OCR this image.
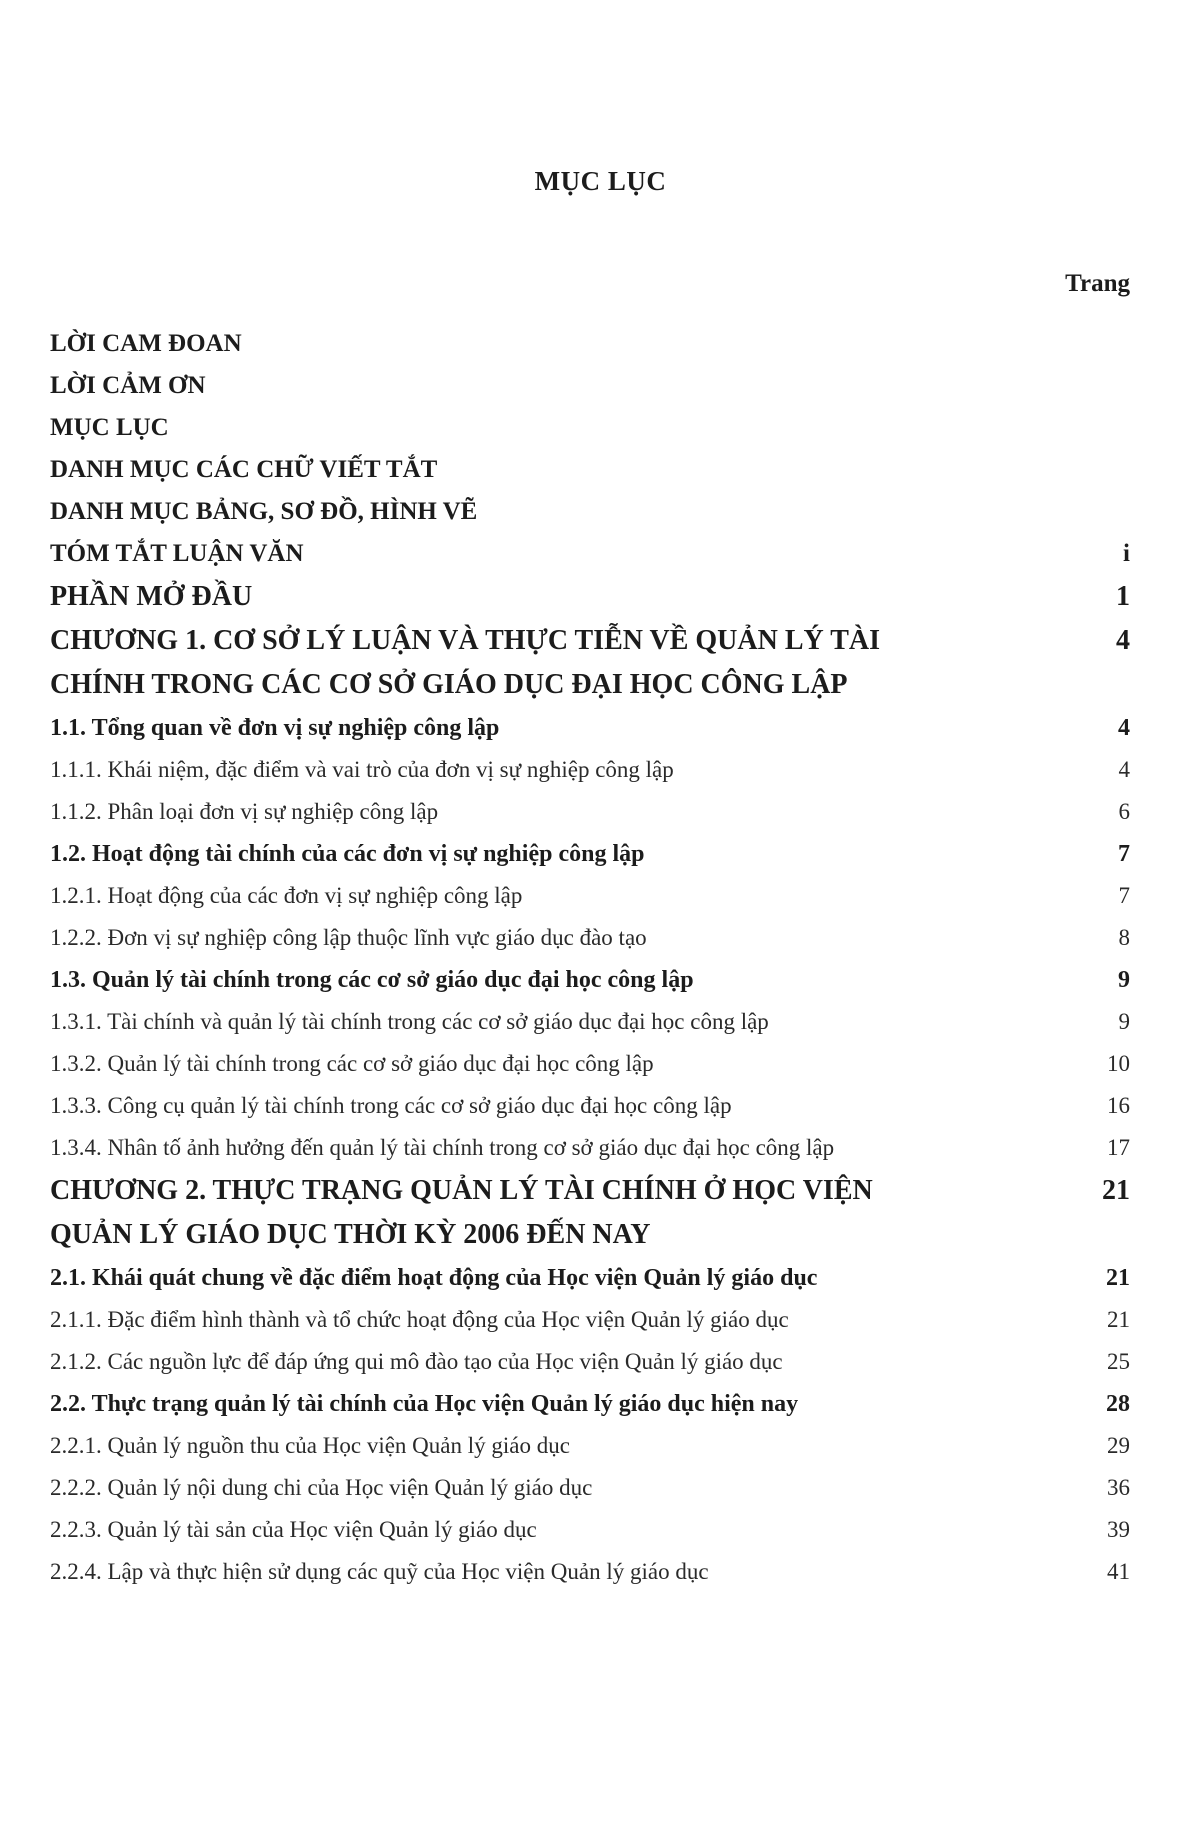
MỤC LỤC
Trang
LỜI CAM ĐOAN
LỜI CẢM ƠN
MỤC LỤC
DANH MỤC CÁC CHỮ VIẾT TẮT
DANH MỤC BẢNG, SƠ ĐỒ, HÌNH VẼ
TÓM TẮT LUẬN VĂN	i
PHẦN MỞ ĐẦU	1
CHƯƠNG 1. CƠ SỞ LÝ LUẬN VÀ THỰC TIỄN VỀ QUẢN LÝ TÀI	4
CHÍNH TRONG CÁC CƠ SỞ GIÁO DỤC ĐẠI HỌC CÔNG LẬP
1.1. Tổng quan về đơn vị sự nghiệp công lập	4
1.1.1. Khái niệm, đặc điểm và vai trò của đơn vị sự nghiệp công lập	4
1.1.2. Phân loại đơn vị sự nghiệp công lập	6
1.2. Hoạt động tài chính của các đơn vị sự nghiệp công lập	7
1.2.1. Hoạt động của các đơn vị sự nghiệp công lập	7
1.2.2. Đơn vị sự nghiệp công lập thuộc lĩnh vực giáo dục đào tạo	8
1.3. Quản lý tài chính trong các cơ sở giáo dục đại học công lập	9
1.3.1. Tài chính và quản lý tài chính trong các cơ sở giáo dục đại học công lập	9
1.3.2. Quản lý tài chính trong các cơ sở giáo dục đại học công lập	10
1.3.3. Công cụ quản lý tài chính trong các cơ sở giáo dục đại học công lập	16
1.3.4. Nhân tố ảnh hưởng đến quản lý tài chính trong cơ sở giáo dục đại học công lập	17
CHƯƠNG 2. THỰC TRẠNG QUẢN LÝ TÀI CHÍNH Ở HỌC VIỆN	21
QUẢN LÝ GIÁO DỤC THỜI KỲ 2006 ĐẾN NAY
2.1. Khái quát chung về đặc điểm hoạt động của Học viện Quản lý giáo dục	21
2.1.1. Đặc điểm hình thành và tổ chức hoạt động của Học viện Quản lý giáo dục	21
2.1.2. Các nguồn lực để đáp ứng qui mô đào tạo của Học viện Quản lý giáo dục	25
2.2. Thực trạng quản lý tài chính của Học viện Quản lý giáo dục hiện nay	28
2.2.1. Quản lý nguồn thu của Học viện Quản lý giáo dục	29
2.2.2. Quản lý nội dung chi của Học viện Quản lý giáo dục	36
2.2.3. Quản lý tài sản của Học viện Quản lý giáo dục	39
2.2.4. Lập và thực hiện sử dụng các quỹ của Học viện Quản lý giáo dục	41
